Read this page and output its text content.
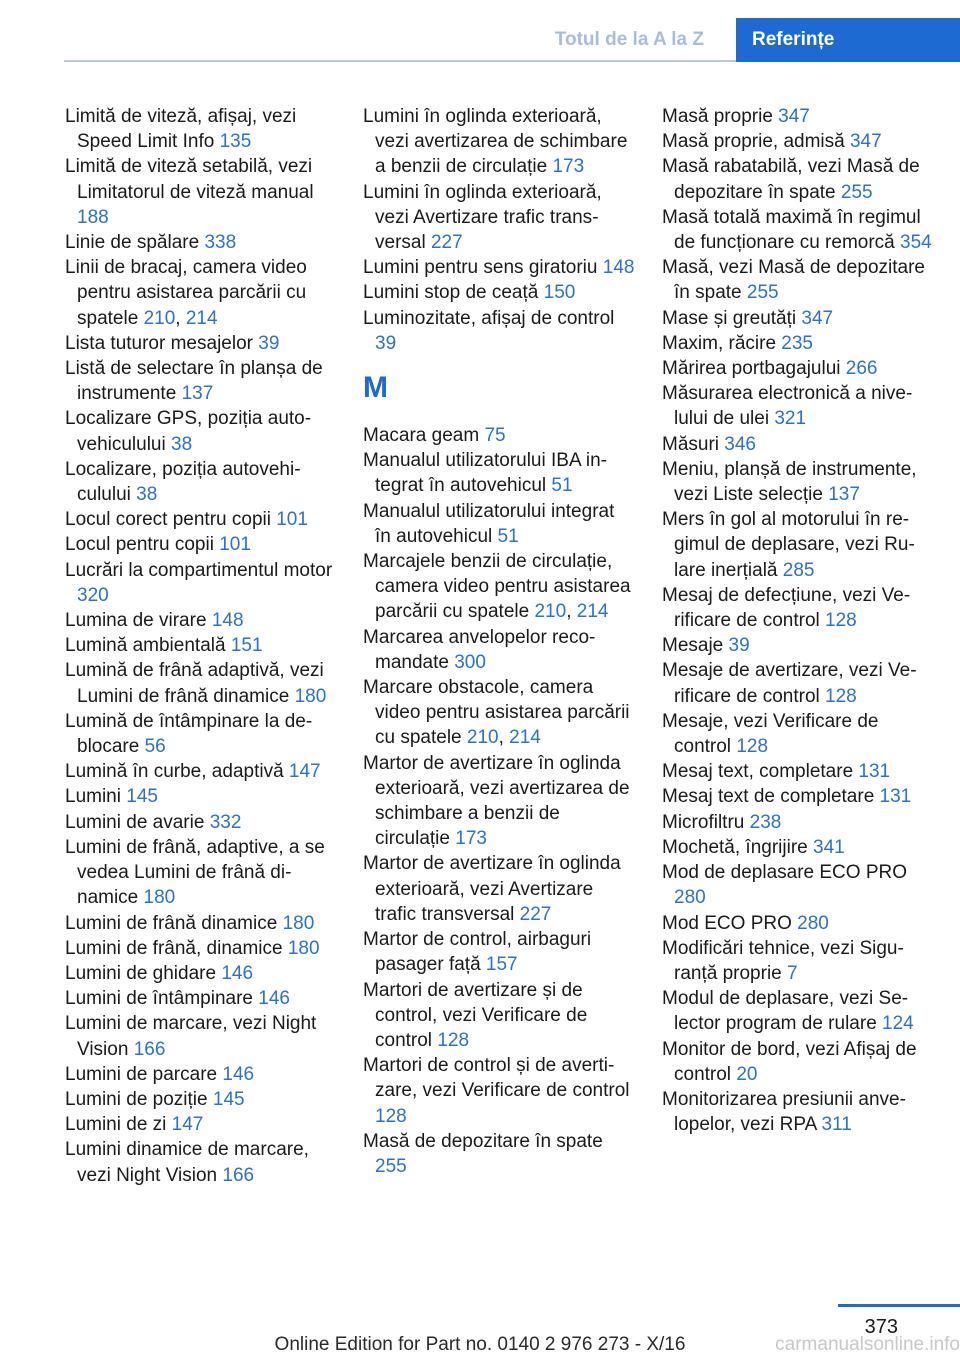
Totul de la A la Z	Referințe
Limită de viteză, afișaj, vezi Speed Limit Info 135
Limită de viteză setabilă, vezi Limitatorul de viteză manual 188
Linie de spălare 338
Linii de bracaj, camera video pentru asistarea parcării cu spatele 210, 214
Lista tuturor mesajelor 39
Listă de selectare în planșa de instrumente 137
Localizare GPS, poziția autovehiculului 38
Localizare, poziția autovehiculului 38
Locul corect pentru copii 101
Locul pentru copii 101
Lucrări la compartimentul motor 320
Lumina de virare 148
Lumină ambientală 151
Lumină de frână adaptivă, vezi Lumini de frână dinamice 180
Lumină de întâmpinare la deblocare 56
Lumină în curbe, adaptivă 147
Lumini 145
Lumini de avarie 332
Lumini de frână, adaptive, a se vedea Lumini de frână dinamice 180
Lumini de frână dinamice 180
Lumini de frână, dinamice 180
Lumini de ghidare 146
Lumini de întâmpinare 146
Lumini de marcare, vezi Night Vision 166
Lumini de parcare 146
Lumini de poziție 145
Lumini de zi 147
Lumini dinamice de marcare, vezi Night Vision 166
Lumini în oglinda exterioară, vezi avertizarea de schimbare a benzii de circulație 173
Lumini în oglinda exterioară, vezi Avertizare trafic transversal 227
Lumini pentru sens giratoriu 148
Lumini stop de ceață 150
Luminozitate, afișaj de control 39
M
Macara geam 75
Manualul utilizatorului IBA integrat în autovehicul 51
Manualul utilizatorului integrat în autovehicul 51
Marcajele benzii de circulație, camera video pentru asistarea parcării cu spatele 210, 214
Marcarea anvelopelor recomandate 300
Marcare obstacole, camera video pentru asistarea parcării cu spatele 210, 214
Martor de avertizare în oglinda exterioară, vezi avertizarea de schimbare a benzii de circulație 173
Martor de avertizare în oglinda exterioară, vezi Avertizare trafic transversal 227
Martor de control, airbaguri pasager față 157
Martori de avertizare și de control, vezi Verificare de control 128
Martori de control și de avertizare, vezi Verificare de control 128
Masă de depozitare în spate 255
Masă proprie 347
Masă proprie, admisă 347
Masă rabatabilă, vezi Masă de depozitare în spate 255
Masă totală maximă în regimul de funcționare cu remorcă 354
Masă, vezi Masă de depozitare în spate 255
Mase și greutăți 347
Maxim, răcire 235
Mărirea portbagajului 266
Măsurarea electronică a nivelului de ulei 321
Măsuri 346
Meniu, planșă de instrumente, vezi Liste selecție 137
Mers în gol al motorului în regimul de deplasare, vezi Rulare inerțială 285
Mesaj de defecțiune, vezi Verificare de control 128
Mesaje 39
Mesaje de avertizare, vezi Verificare de control 128
Mesaje, vezi Verificare de control 128
Mesaj text, completare 131
Mesaj text de completare 131
Microfiltru 238
Mochetă, îngrijire 341
Mod de deplasare ECO PRO 280
Mod ECO PRO 280
Modificări tehnice, vezi Siguranță proprie 7
Modul de deplasare, vezi Selector program de rulare 124
Monitor de bord, vezi Afișaj de control 20
Monitorizarea presiunii anvelopelor, vezi RPA 311
373
Online Edition for Part no. 0140 2 976 273 - X/16	carmanualsonline.info
